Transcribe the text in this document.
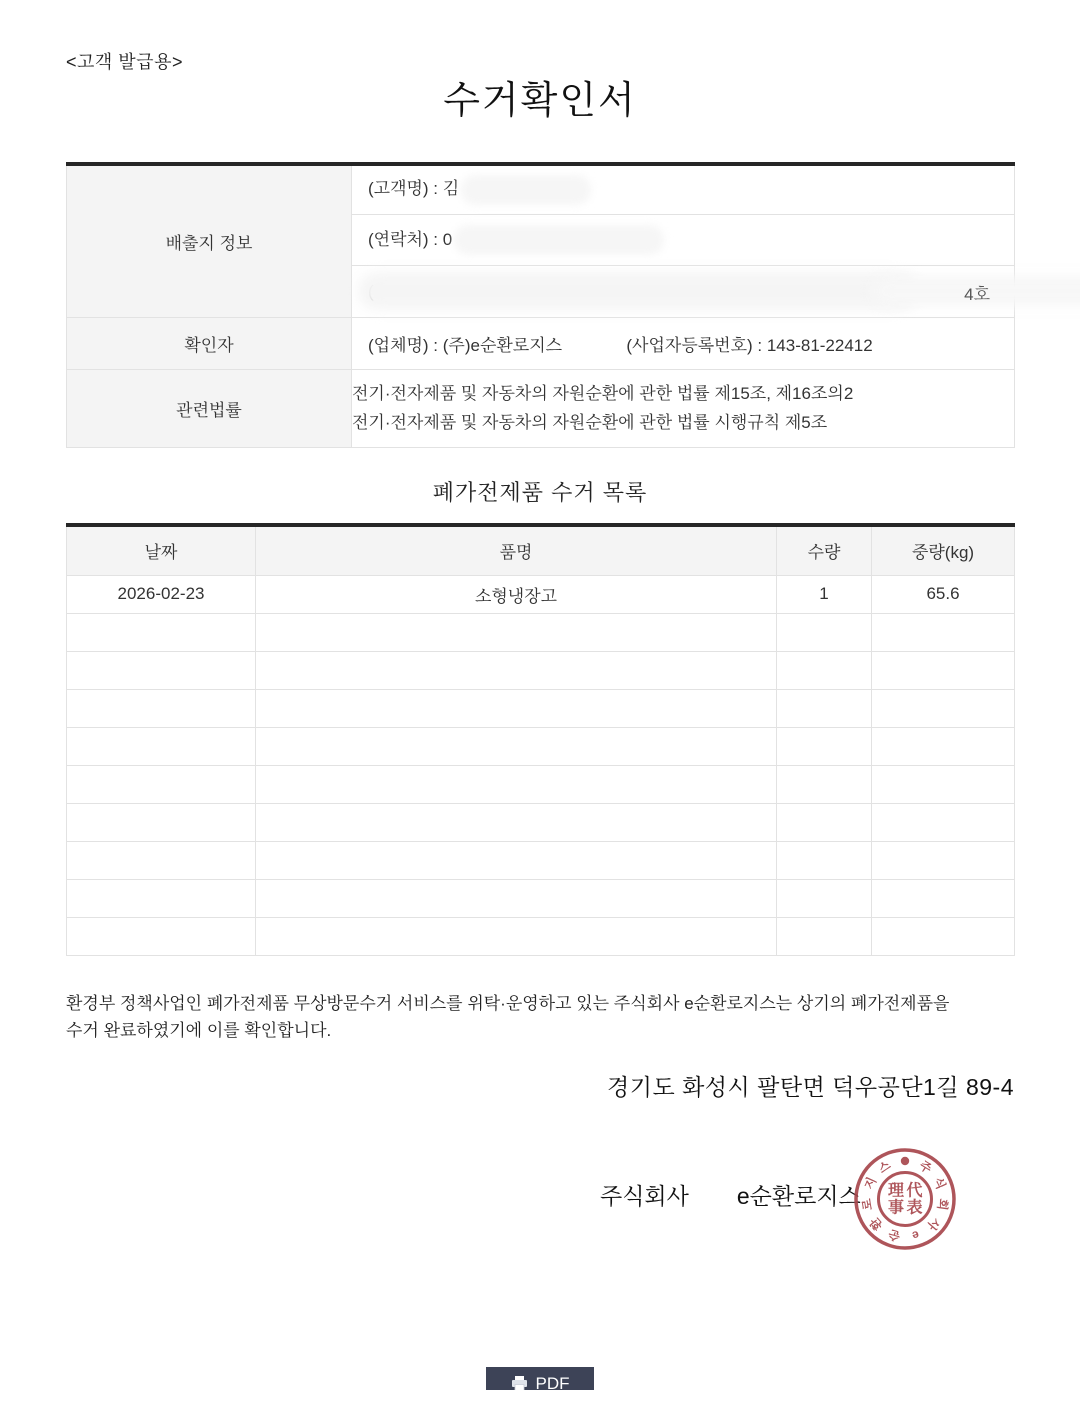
<고객 발급용>
수거확인서
배출지 정보	(고객명) : 김
	(연락처) : 0

	4호

확인자	(업체명) : (주)e순환로지스 (사업자등록번호) : 143-81-22412

관련법률	전기·전자제품 및 자동차의 자원순환에 관한 법률 제15조, 제16조의2
전기·전자제품 및 자동차의 자원순환에 관한 법률 시행규칙 제5조
폐가전제품 수거 목록
날짜	품명	수량	중량(kg)
2026-02-23	소형냉장고	1	65.6

환경부 정책사업인 폐가전제품 무상방문수거 서비스를 위탁·운영하고 있는 주식회사 e순환로지스는 상기의 폐가전제품을
수거 완료하였기에 이를 확인합니다.
경기도 화성시 팔탄면 덕우공단1길 89-4
주식회사 e순환로지스
주
식
회
사
e
순
환
로
지
스
代
表
理
事
PDF
